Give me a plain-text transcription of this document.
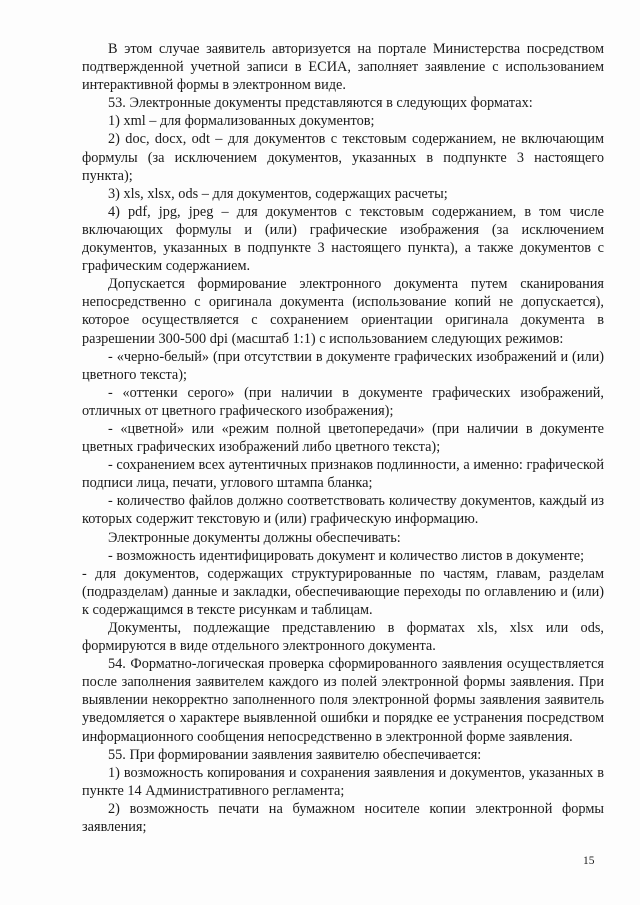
В этом случае заявитель авторизуется на портале Министерства посредством подтвержденной учетной записи в ЕСИА, заполняет заявление с использованием интерактивной формы в электронном виде.

53. Электронные документы представляются в следующих форматах:

1) xml – для формализованных документов;

2) doc, docx, odt – для документов с текстовым содержанием, не включающим формулы (за исключением документов, указанных в подпункте 3 настоящего пункта);

3) xls, xlsx, ods – для документов, содержащих расчеты;

4) pdf, jpg, jpeg – для документов с текстовым содержанием, в том числе включающих формулы и (или) графические изображения (за исключением документов, указанных в подпункте 3 настоящего пункта), а также документов с графическим содержанием.

Допускается формирование электронного документа путем сканирования непосредственно с оригинала документа (использование копий не допускается), которое осуществляется с сохранением ориентации оригинала документа в разрешении 300-500 dpi (масштаб 1:1) с использованием следующих режимов:

- «черно-белый» (при отсутствии в документе графических изображений и (или) цветного текста);

- «оттенки серого» (при наличии в документе графических изображений, отличных от цветного графического изображения);

- «цветной» или «режим полной цветопередачи» (при наличии в документе цветных графических изображений либо цветного текста);

- сохранением всех аутентичных признаков подлинности, а именно: графической подписи лица, печати, углового штампа бланка;

- количество файлов должно соответствовать количеству документов, каждый из которых содержит текстовую и (или) графическую информацию.

Электронные документы должны обеспечивать:

- возможность идентифицировать документ и количество листов в документе;

- для документов, содержащих структурированные по частям, главам, разделам (подразделам) данные и закладки, обеспечивающие переходы по оглавлению и (или) к содержащимся в тексте рисункам и таблицам.

Документы, подлежащие представлению в форматах xls, xlsx или ods, формируются в виде отдельного электронного документа.

54. Форматно-логическая проверка сформированного заявления осуществляется после заполнения заявителем каждого из полей электронной формы заявления. При выявлении некорректно заполненного поля электронной формы заявления заявитель уведомляется о характере выявленной ошибки и порядке ее устранения посредством информационного сообщения непосредственно в электронной форме заявления.

55. При формировании заявления заявителю обеспечивается:

1) возможность копирования и сохранения заявления и документов, указанных в пункте 14 Административного регламента;

2) возможность печати на бумажном носителе копии электронной формы заявления;

15
